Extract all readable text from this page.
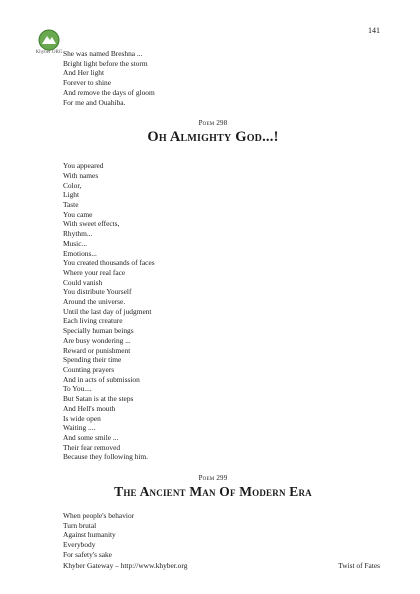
141
Khyber ORG She was named Breshna ...
Bright light before the storm
And Her light
Forever to shine
And remove the days of gloom
For me and Ouahiba.
Poem 298
Oh Almighty God...!
You appeared
With names
Color,
Light
Taste
You came
With sweet effects,
Rhythm...
Music...
Emotions...
You created thousands of faces
Where your real face
Could vanish
You distribute Yourself
Around the universe.
Until the last day of judgment
Each living creature
Specially human beings
Are busy wondering ...
Reward or punishment
Spending their time
Counting prayers
And in acts of submission
To You....
But Satan is at the steps
And Hell's mouth
Is wide open
Waiting ....
And some smile ...
Their fear removed
Because they following him.
Poem 299
The Ancient Man Of Modern Era
When people's behavior
Turn brutal
Against humanity
Everybody
For safety's sake
Khyber Gateway – http://www.khyber.org	Twist of Fates
